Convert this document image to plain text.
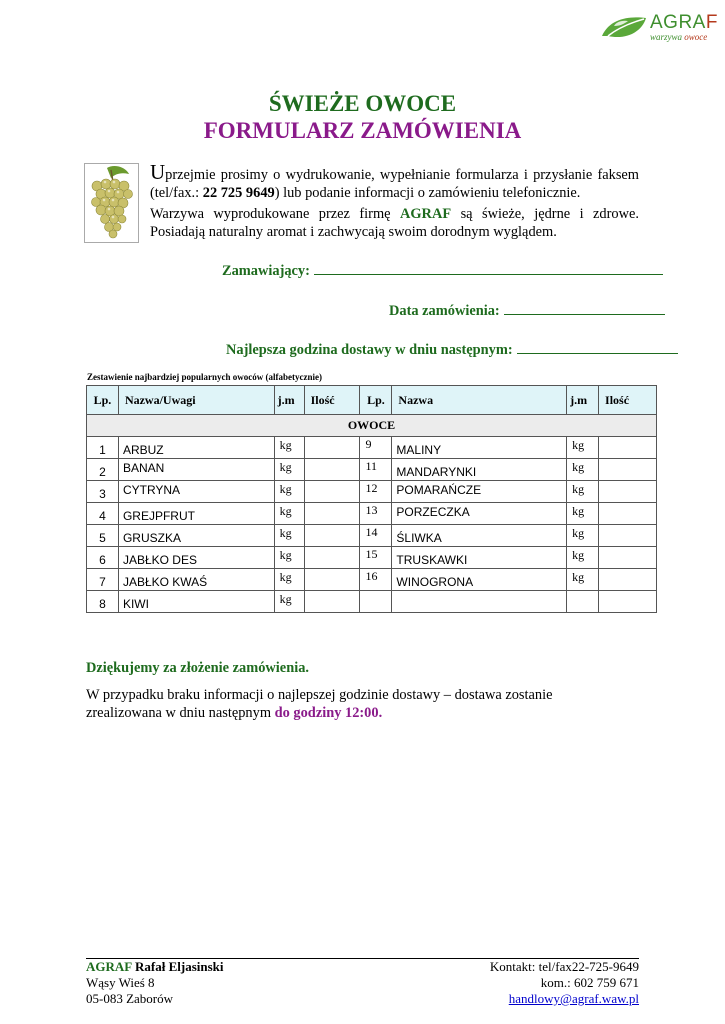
AGRAF
warzywa owoce
ŚWIEŻE OWOCE
FORMULARZ ZAMÓWIENIA
Uprzejmie prosimy o wydrukowanie, wypełnianie formularza i przysłanie faksem (tel/fax.: 22 725 9649) lub podanie informacji o zamówieniu telefonicznie.
Warzywa wyprodukowane przez firmę AGRAF są świeże, jędrne i zdrowe. Posiadają naturalny aromat i zachwycają swoim dorodnym wyglądem.
Zamawiający:
Data zamówienia:
Najlepsza godzina dostawy w dniu następnym:
Zestawienie najbardziej popularnych owoców (alfabetycznie)
Lp.	Nazwa/Uwagi	j.m	Ilość	Lp.	Nazwa	j.m	Ilość
OWOCE							
1	ARBUZ	kg		9	MALINY	kg	
2	BANAN	kg		11	MANDARYNKI	kg	
3	CYTRYNA	kg		12	POMARAŃCZE	kg	
4	GREJPFRUT	kg		13	PORZECZKA	kg	
5	GRUSZKA	kg		14	ŚLIWKA	kg	
6	JABŁKO DES	kg		15	TRUSKAWKI	kg	
7	JABŁKO KWAŚ	kg		16	WINOGRONA	kg	
8	KIWI	kg					
Dziękujemy za złożenie zamówienia.
W przypadku braku informacji o najlepszej godzinie dostawy – dostawa zostanie zrealizowana w dniu następnym do godziny 12:00.
AGRAF Rafał Eljasinski
Wąsy Wieś 8
05-083 Zaborów
Kontakt: tel/fax22-725-9649
kom.: 602 759 671
handlowy@agraf.waw.pl
